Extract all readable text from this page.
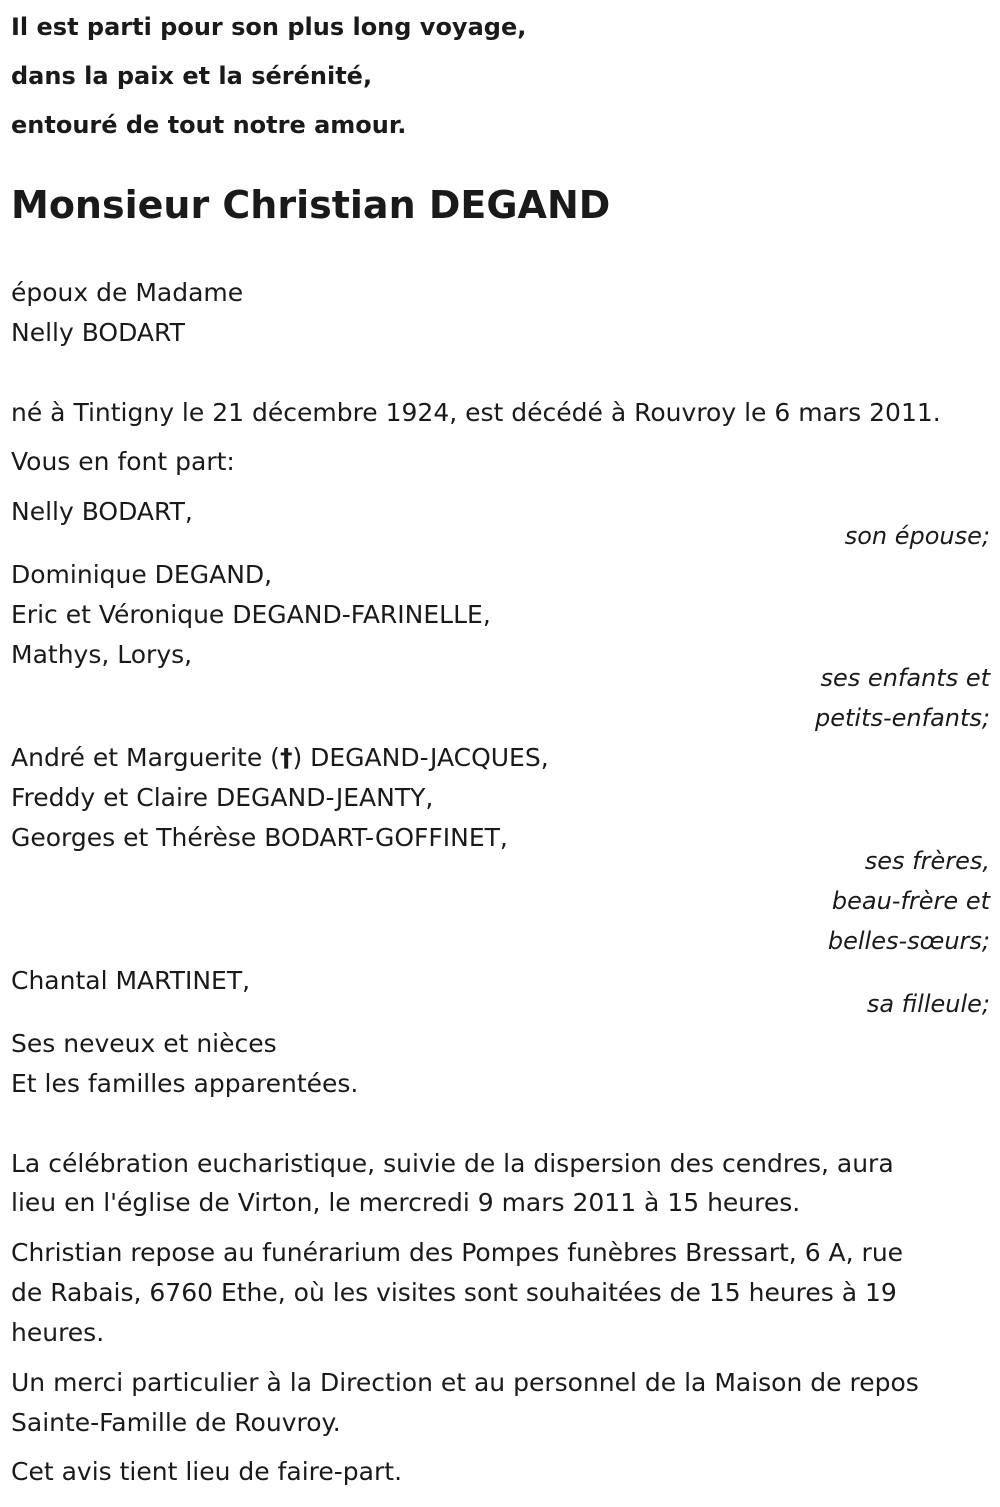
Il est parti pour son plus long voyage,
dans la paix et la sérénité,
entouré de tout notre amour.
Monsieur Christian DEGAND
époux de Madame
Nelly BODART
né à Tintigny le 21 décembre 1924, est décédé à Rouvroy le 6 mars 2011.
Vous en font part:
Nelly BODART,
son épouse;
Dominique DEGAND,
Eric et Véronique DEGAND-FARINELLE,
Mathys, Lorys,
ses enfants et
petits-enfants;
André et Marguerite (†) DEGAND-JACQUES,
Freddy et Claire DEGAND-JEANTY,
Georges et Thérèse BODART-GOFFINET,
ses frères,
beau-frère et
belles-sœurs;
Chantal MARTINET,
sa filleule;
Ses neveux et nièces
Et les familles apparentées.
La célébration eucharistique, suivie de la dispersion des cendres, aura
lieu en l'église de Virton, le mercredi 9 mars 2011 à 15 heures.
Christian repose au funérarium des Pompes funèbres Bressart, 6 A, rue
de Rabais, 6760 Ethe, où les visites sont souhaitées de 15 heures à 19
heures.
Un merci particulier à la Direction et au personnel de la Maison de repos
Sainte-Famille de Rouvroy.
Cet avis tient lieu de faire-part.
